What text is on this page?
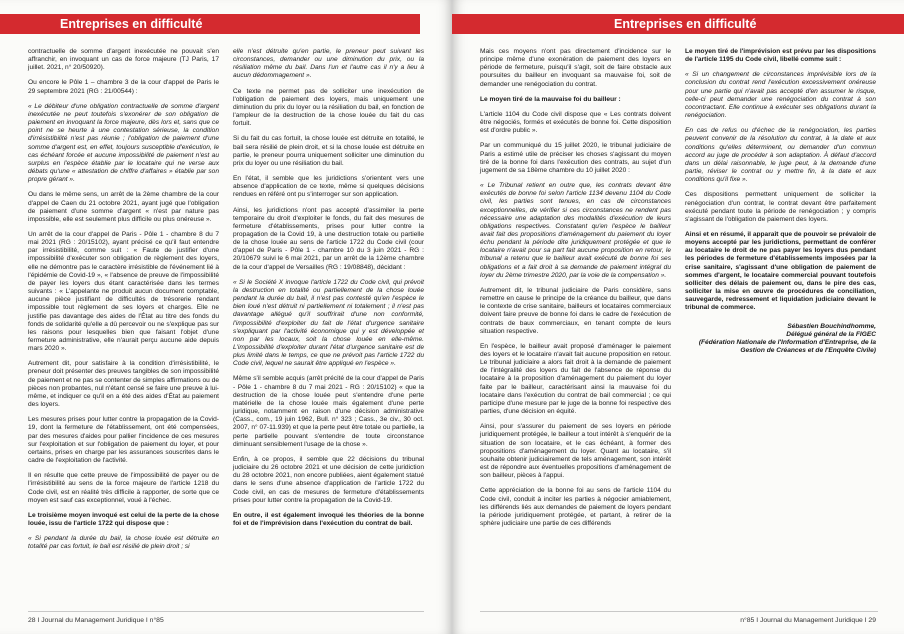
Entreprises en difficulté

contractuelle de somme d'argent inexécutée ne pouvait s'en affranchir, en invoquant un cas de force majeure (TJ Paris, 17 juillet. 2021, n° 20/50920).

Ou encore le Pôle 1 – chambre 3 de la cour d'appel de Paris le 29 septembre 2021 (RG : 21/00544) :

« Le débiteur d'une obligation contractuelle de somme d'argent inexécutée ne peut toutefois s'exonérer de son obligation de paiement en invoquant la force majeure, dès lors et, sans que ce point ne se heurte à une contestation sérieuse, la condition d'irrésistibilité n'est pas réunie ; l'obligation de paiement d'une somme d'argent est, en effet, toujours susceptible d'exécution, le cas échéant forcée et aucune impossibilité de paiement n'est au surplus en l'espèce établie par le locataire qui ne verse aux débats qu'une « attestation de chiffre d'affaires » établie par son propre gérant ».

Ou dans le même sens, un arrêt de la 2ème chambre de la cour d'appel de Caen du 21 octobre 2021, ayant jugé que l'obligation de paiement d'une somme d'argent « n'est par nature pas impossible, elle est seulement plus difficile ou plus onéreuse ».

Un arrêt de la cour d'appel de Paris - Pôle 1 - chambre 8 du 7 mai 2021 (RG : 20/15102), ayant précisé ce qu'il faut entendre par irrésistibilité, comme suit : « Faute de justifier d'une impossibilité d'exécuter son obligation de règlement des loyers, elle ne démontre pas le caractère irrésistible de l'événement lié à l'épidémie de Covid-19 », « l'absence de preuve de l'impossibilité de payer les loyers dus étant caractérisée dans les termes suivants : « L'appelante ne produit aucun document comptable, aucune pièce justifiant de difficultés de trésorerie rendant impossible tout règlement de ses loyers et charges. Elle ne justifie pas davantage des aides de l'État au titre des fonds du fonds de solidarité qu'elle a dû percevoir ou ne s'explique pas sur les raisons pour lesquelles bien que faisant l'objet d'une fermeture administrative, elle n'aurait perçu aucune aide depuis mars 2020 ».

Autrement dit, pour satisfaire à la condition d'irrésistibilité, le preneur doit présenter des preuves tangibles de son impossibilité de paiement et ne pas se contenter de simples affirmations ou de pièces non probantes, nul n'étant censé se faire une preuve à lui-même, et indiquer ce qu'il en a été des aides d'État au paiement des loyers.

Les mesures prises pour lutter contre la propagation de la Covid-19, dont la fermeture de l'établissement, ont été compensées, par des mesures d'aides pour pallier l'incidence de ces mesures sur l'exploitation et sur l'obligation de paiement du loyer, et pour certains, prises en charge par les assurances souscrites dans le cadre de l'exploitation de l'activité.

Il en résulte que cette preuve de l'impossibilité de payer ou de l'irrésistibilité au sens de la force majeure de l'article 1218 du Code civil, est en réalité très difficile à rapporter, de sorte que ce moyen est sauf cas exceptionnel, voué à l'échec.

Le troisième moyen invoqué est celui de la perte de la chose louée, issu de l'article 1722 qui dispose que :

« Si pendant la durée du bail, la chose louée est détruite en totalité par cas fortuit, le bail est résilié de plein droit ; si

elle n'est détruite qu'en partie, le preneur peut suivant les circonstances, demander ou une diminution du prix, ou la résiliation même du bail. Dans l'un et l'autre cas il n'y a lieu à aucun dédommagement ».

Ce texte ne permet pas de solliciter une inexécution de l'obligation de paiement des loyers, mais uniquement une diminution du prix du loyer ou la résiliation du bail, en fonction de l'ampleur de la destruction de la chose louée du fait du cas fortuit.

Si du fait du cas fortuit, la chose louée est détruite en totalité, le bail sera résilié de plein droit, et si la chose louée est détruite en partie, le preneur pourra uniquement solliciter une diminution du prix du loyer ou une résiliation du bail.

En l'état, il semble que les juridictions s'orientent vers une absence d'application de ce texte, même si quelques décisions rendues en référé ont pu s'interroger sur son application.

Ainsi, les juridictions n'ont pas accepté d'assimiler la perte temporaire du droit d'exploiter le fonds, du fait des mesures de fermeture d'établissements, prises pour lutter contre la propagation de la Covid 19, à une destruction totale ou partielle de la chose louée au sens de l'article 1722 du Code civil (cour d'appel de Paris - Pôle 1 - chambre 10 du 3 juin 2021 - RG : 20/10679 suivi le 6 mai 2021, par un arrêt de la 12ème chambre de la cour d'appel de Versailles (RG : 19/08848), décidant :

« Si le Société X invoque l'article 1722 du Code civil, qui prévoit la destruction en totalité ou partiellement de la chose louée pendant la durée du bail, il n'est pas contesté qu'en l'espèce le bien loué n'est détruit ni partiellement ni totalement ; il n'est pas davantage allégué qu'il souffrirait d'une non conformité, l'impossibilité d'exploiter du fait de l'état d'urgence sanitaire s'expliquant par l'activité économique qui y est développée et non par les locaux, soit la chose louée en elle-même. L'impossibilité d'exploiter durant l'état d'urgence sanitaire est de plus limité dans le temps, ce que ne prévoit pas l'article 1722 du Code civil, lequel ne saurait être appliqué en l'espèce ».

Même s'il semble acquis (arrêt précité de la cour d'appel de Paris - Pôle 1 - chambre 8 du 7 mai 2021 - RG : 20/15102) « que la destruction de la chose louée peut s'entendre d'une perte matérielle de la chose louée mais également d'une perte juridique, notamment en raison d'une décision administrative (Cass., com., 19 juin 1962, Bull. n° 323 ; Cass., 3e civ., 30 oct. 2007, n° 07-11.939) et que la perte peut être totale ou partielle, la perte partielle pouvant s'entendre de toute circonstance diminuant sensiblement l'usage de la chose ».

Enfin, à ce propos, il semble que 22 décisions du tribunal judiciaire du 26 octobre 2021 et une décision de cette juridiction du 28 octobre 2021, non encore publiées, aient également statué dans le sens d'une absence d'application de l'article 1722 du Code civil, en cas de mesures de fermeture d'établissements prises pour lutter contre la propagation de la Covid-19.

En outre, il est également invoqué les théories de la bonne foi et de l'imprévision dans l'exécution du contrat de bail.

28 I Journal du Management Juridique I n°85
Entreprises en difficulté

Mais ces moyens n'ont pas directement d'incidence sur le principe même d'une exonération de paiement des loyers en période de fermeture, puisqu'il s'agit, soit de faire obstacle aux poursuites du bailleur en invoquant sa mauvaise foi, soit de demander une renégociation du contrat.

Le moyen tiré de la mauvaise foi du bailleur :

L'article 1104 du Code civil dispose que « Les contrats doivent être négociés, formés et exécutés de bonne foi. Cette disposition est d'ordre public ».

Par un communiqué du 15 juillet 2020, le tribunal judiciaire de Paris a estimé utile de préciser les choses s'agissant du moyen tiré de la bonne foi dans l'exécution des contrats, au sujet d'un jugement de sa 18ème chambre du 10 juillet 2020 :

« Le Tribunal retient en outre que, les contrats devant être exécutés de bonne foi selon l'article 1134 devenu 1104 du Code civil, les parties sont tenues, en cas de circonstances exceptionnelles, de vérifier si ces circonstances ne rendent pas nécessaire une adaptation des modalités d'exécution de leurs obligations respectives. Constatant qu'en l'espèce le bailleur avait fait des propositions d'aménagement du paiement du loyer échu pendant la période dite juridiquement protégée et que le locataire n'avait pour sa part fait aucune proposition en retour, le tribunal a retenu que le bailleur avait exécuté de bonne foi ses obligations et a fait droit à sa demande de paiement intégral du loyer du 2ème trimestre 2020, par la voie de la compensation ».

Autrement dit, le tribunal judiciaire de Paris considère, sans remettre en cause le principe de la créance du bailleur, que dans le contexte de crise sanitaire, bailleurs et locataires commerciaux doivent faire preuve de bonne foi dans le cadre de l'exécution de contrats de baux commerciaux, en tenant compte de leurs situation respective.

En l'espèce, le bailleur avait proposé d'aménager le paiement des loyers et le locataire n'avait fait aucune proposition en retour. Le tribunal judiciaire a alors fait droit à la demande de paiement de l'intégralité des loyers du fait de l'absence de réponse du locataire à la proposition d'aménagement du paiement du loyer faite par le bailleur, caractérisant ainsi la mauvaise foi du locataire dans l'exécution du contrat de bail commercial ; ce qui participe d'une mesure par le juge de la bonne foi respective des parties, d'une décision en équité.

Ainsi, pour s'assurer du paiement de ses loyers en période juridiquement protégée, le bailleur a tout intérêt à s'enquérir de la situation de son locataire, et le cas échéant, à former des propositions d'aménagement du loyer. Quant au locataire, s'il souhaite obtenir judiciairement de tels aménagement, son intérêt est de répondre aux éventuelles propositions d'aménagement de son bailleur, pièces à l'appui.

Cette appréciation de la bonne foi au sens de l'article 1104 du Code civil, conduit à inciter les parties à négocier amiablement, les différends liés aux demandes de paiement de loyers pendant la période juridiquement protégée, et partant, à retirer de la sphère judiciaire une partie de ces différends

Le moyen tiré de l'imprévision est prévu par les dispositions de l'article 1195 du Code civil, libellé comme suit :

« Si un changement de circonstances imprévisible lors de la conclusion du contrat rend l'exécution excessivement onéreuse pour une partie qui n'avait pas accepté d'en assumer le risque, celle-ci peut demander une renégociation du contrat à son cocontractant. Elle continue à exécuter ses obligations durant la renégociation.

En cas de refus ou d'échec de la renégociation, les parties peuvent convenir de la résolution du contrat, à la date et aux conditions qu'elles déterminent, ou demander d'un commun accord au juge de procéder à son adaptation. À défaut d'accord dans un délai raisonnable, le juge peut, à la demande d'une partie, réviser le contrat ou y mettre fin, à la date et aux conditions qu'il fixe ».

Ces dispositions permettent uniquement de solliciter la renégociation d'un contrat, le contrat devant être parfaitement exécuté pendant toute la période de renégociation ; y compris s'agissant de l'obligation de paiement des loyers.

Ainsi et en résumé, il apparaît que de pouvoir se prévaloir de moyens accepté par les juridictions, permettant de conférer au locataire le droit de ne pas payer les loyers dus pendant les périodes de fermeture d'établissements imposées par la crise sanitaire, s'agissant d'une obligation de paiement de sommes d'argent, le locataire commercial pouvant toutefois solliciter des délais de paiement ou, dans le pire des cas, solliciter la mise en œuvre de procédures de conciliation, sauvegarde, redressement et liquidation judiciaire devant le tribunal de commerce.

Sébastien Bouchindhomme,
Délégué général de la FIGEC
(Fédération Nationale de l'Information d'Entreprise, de la Gestion de Créances et de l'Enquête Civile)
n°85 I Journal du Management Juridique I 29
